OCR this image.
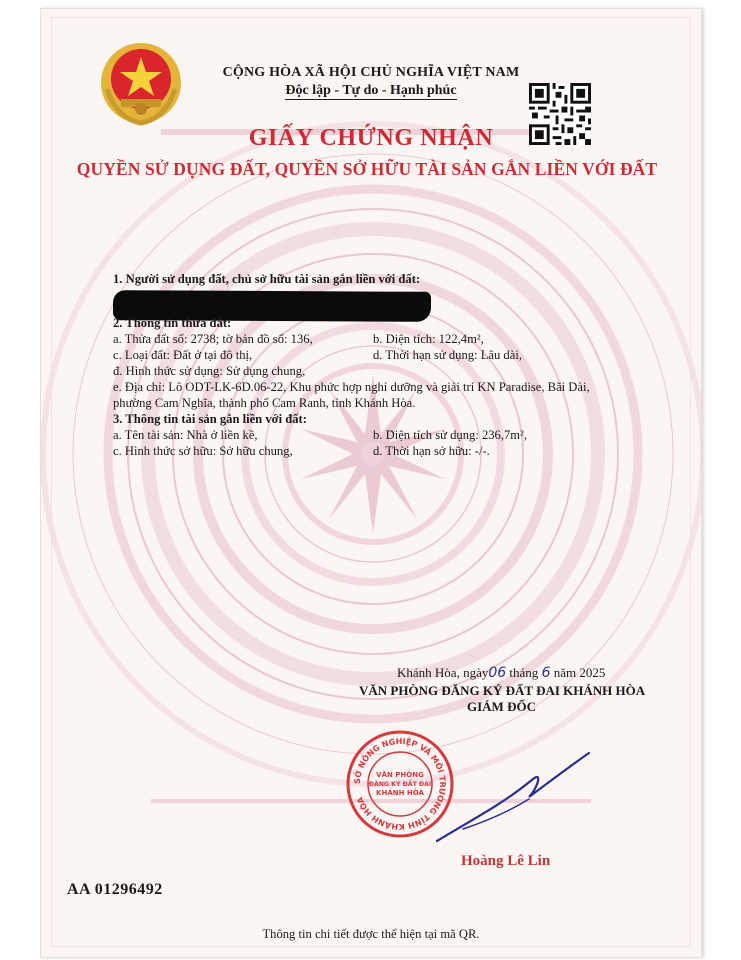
CỘNG HÒA XÃ HỘI CHỦ NGHĨA VIỆT NAM
Độc lập - Tự do - Hạnh phúc
GIẤY CHỨNG NHẬN
QUYỀN SỬ DỤNG ĐẤT, QUYỀN SỞ HỮU TÀI SẢN GẮN LIỀN VỚI ĐẤT
1. Người sử dụng đất, chủ sở hữu tài sản gắn liền với đất:
2. Thông tin thửa đất:
a. Thửa đất số: 2738; tờ bản đồ số: 136,	b. Diện tích: 122,4m²,
c. Loại đất: Đất ở tại đô thị,	d. Thời hạn sử dụng: Lâu dài,
đ. Hình thức sử dụng: Sử dụng chung,
e. Địa chỉ: Lô ODT-LK-6D.06-22, Khu phức hợp nghỉ dưỡng và giải trí KN Paradise, Bãi Dài,
phường Cam Nghĩa, thành phố Cam Ranh, tỉnh Khánh Hòa.
3. Thông tin tài sản gắn liền với đất:
a. Tên tài sản: Nhà ở liền kề,	b. Diện tích sử dụng: 236,7m²,
c. Hình thức sở hữu: Sở hữu chung,	d. Thời hạn sở hữu: -/-.
Khánh Hòa, ngày06 tháng 6 năm 2025
VĂN PHÒNG ĐĂNG KÝ ĐẤT ĐAI KHÁNH HÒA
GIÁM ĐỐC
SỞ NÔNG NGHIỆP VÀ MÔI TRƯỜNG TỈNH KHÁNH HÒA
VĂN PHÒNG
ĐĂNG KÝ ĐẤT ĐAI
KHÁNH HÒA
Hoàng Lê Lin
AA 01296492
Thông tin chi tiết được thể hiện tại mã QR.
